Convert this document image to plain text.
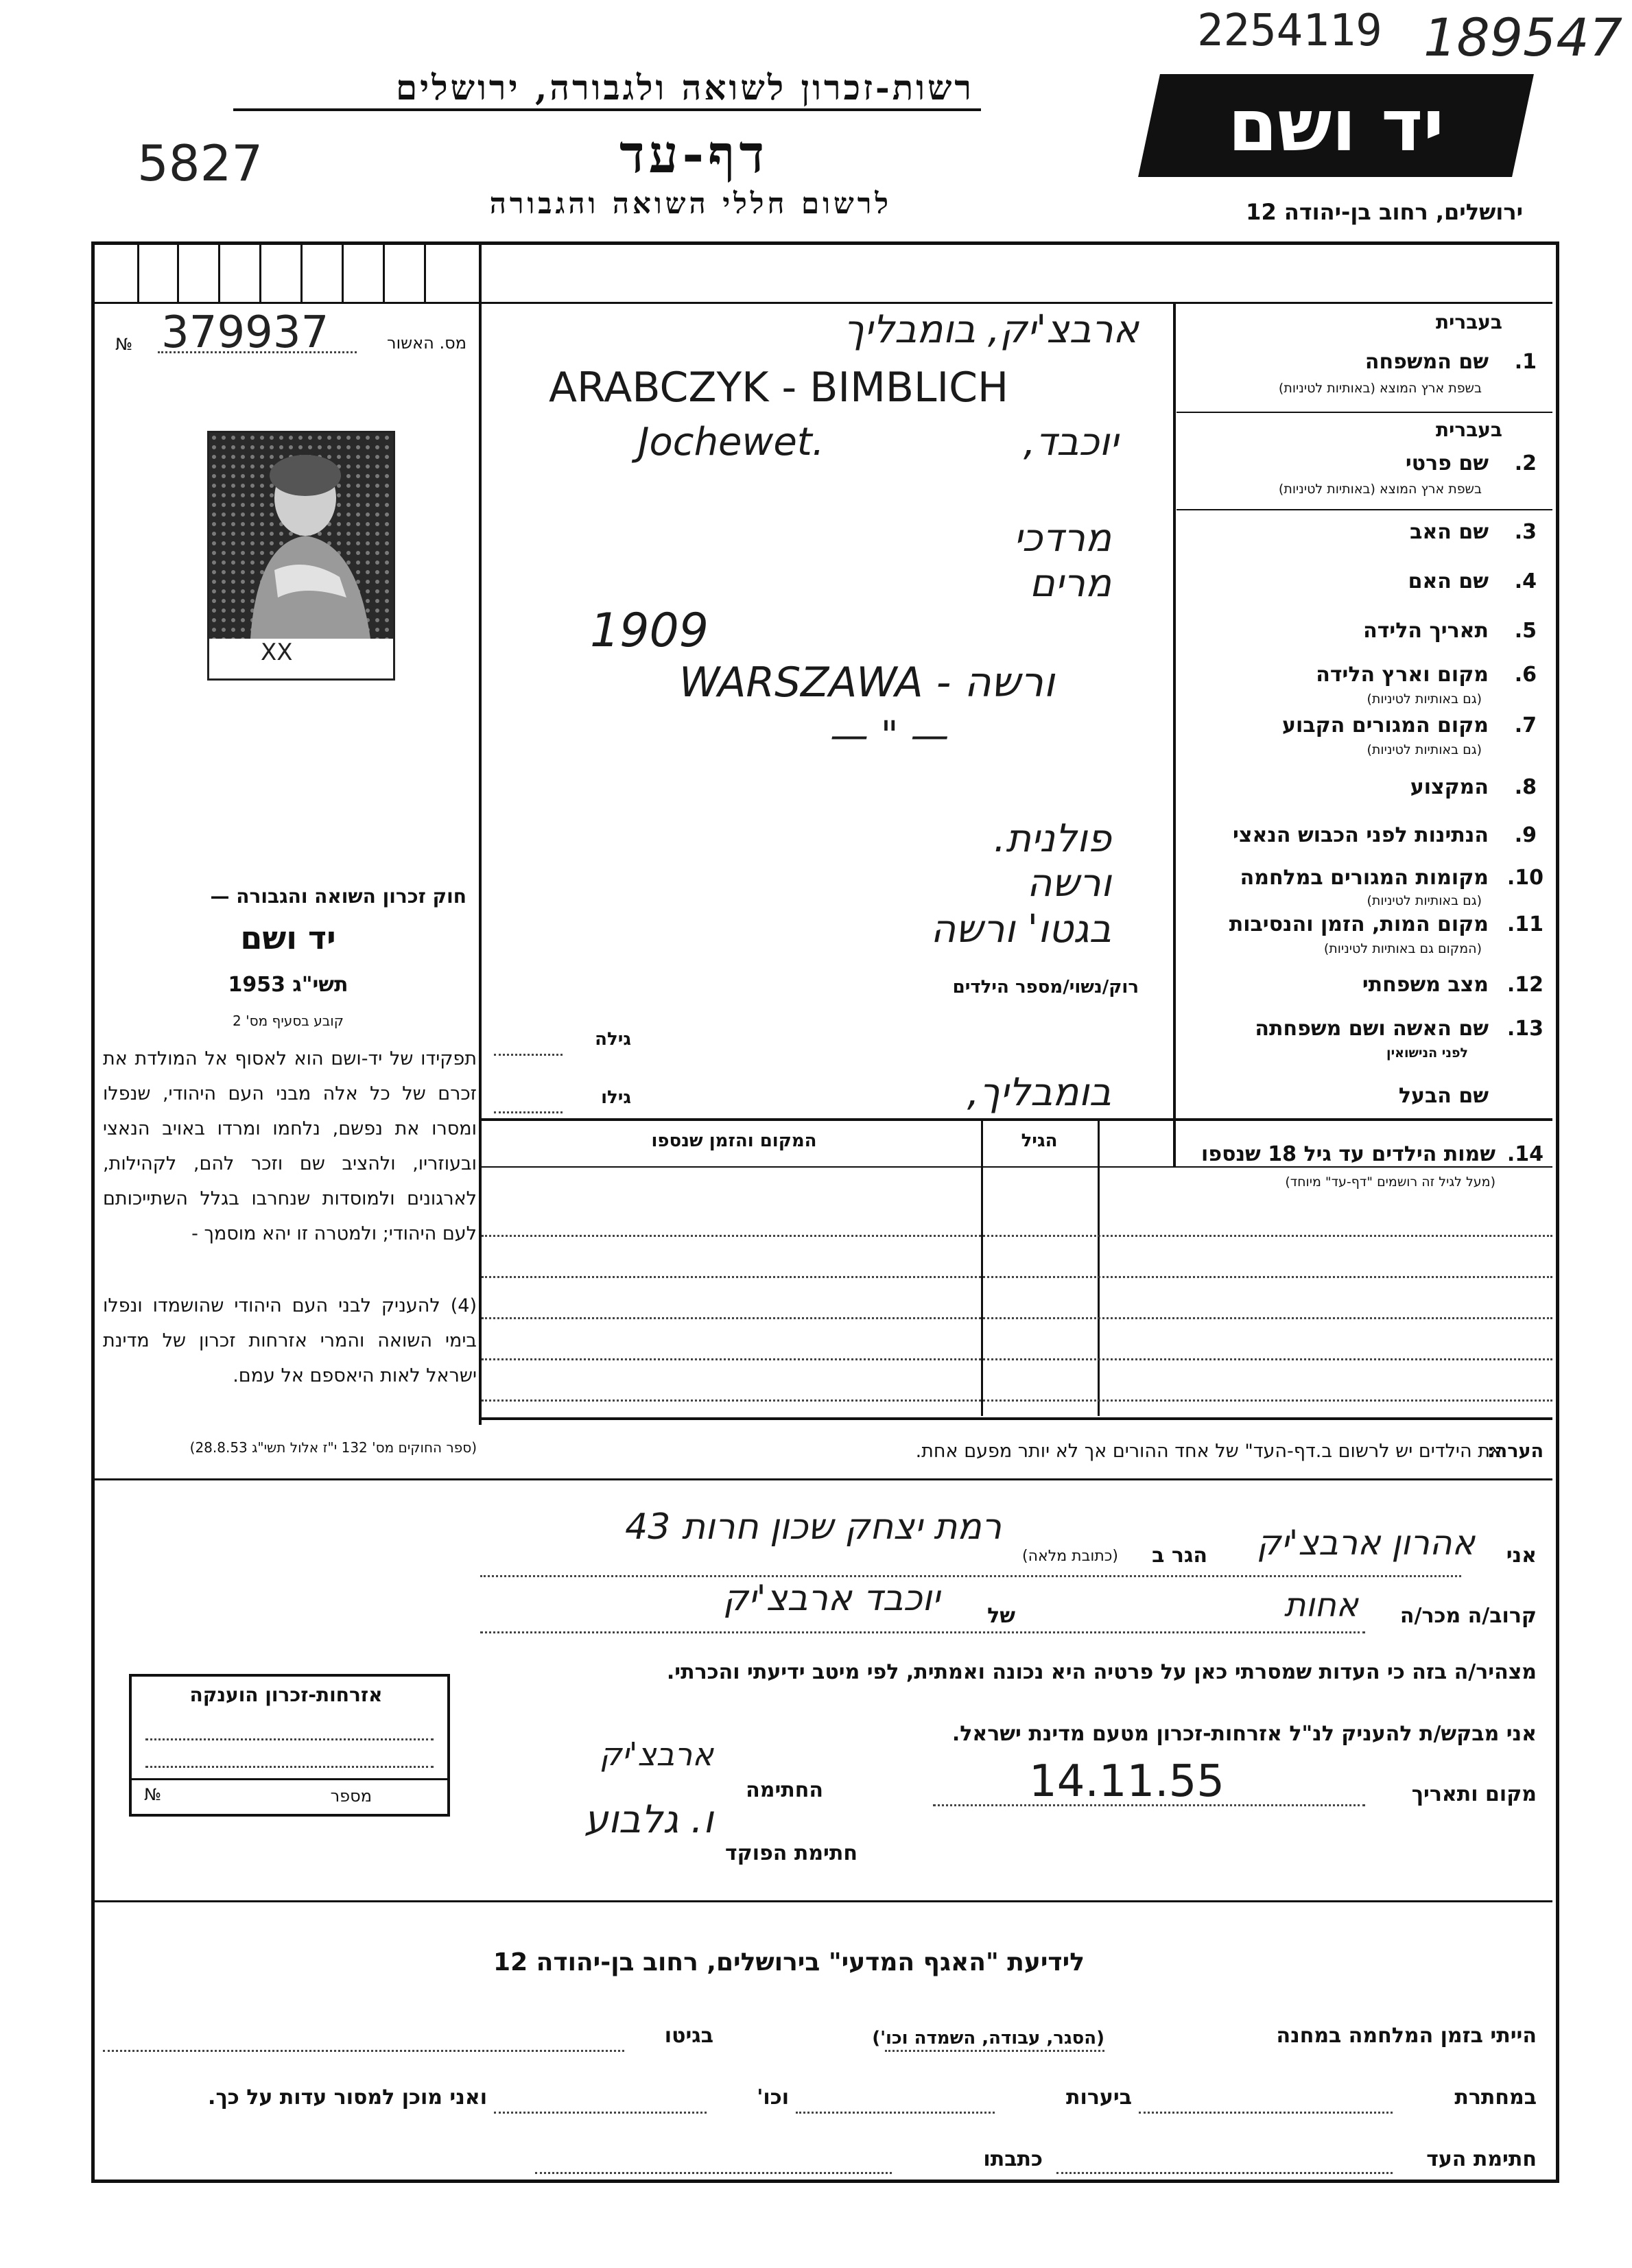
2254119 189547
רשות-זכרון לשואה ולגבורה, ירושלים
5827	דף-עד
לרשום חללי השואה והגבורה
יד ושם
ירושלים, רחוב בן-יהודה 12
מס. האשור
379937
№
XX
בעברית
שם המשפחה	1.
בשפת ארץ המוצא (באותיות לטיניות)
ארבצ'יק, בומבליך
ARABCZYK - BIMBLICH
בעברית
שם פרטי	2.
בשפת ארץ המוצא (באותיות לטיניות)
יוכבד,
Jochewet.
שם האב	3.
מרדכי
שם האם	4.
מרים
תאריך הלידה	5.
1909
מקום וארץ הלידה	6.
(גם באותיות לטיניות)
WARSZAWA - ורשה
מקום המגורים הקבוע	7.
(גם באותיות לטיניות)
— " —
המקצוע	8.
הנתינות לפני הכבוש הנאצי	9.
פולנית.
מקומות המגורים במלחמה 10.
(גם באותיות לטיניות)
ורשה
מקום המות, הזמן והנסיבות 11.
(המקום גם באותיות לטיניות)
בגטו' ורשה
מצב משפחתי 12.
רוק/נשוי/מספר הילדים
שם האשה ושם משפחתה 13.
לפני הנישואין
גילה
שם הבעל
בומבליך,
גילו
שמות הילדים עד גיל 18 שנספו 14.
(מעל לגיל זה רושמים "דף-עד" מיוחד)
הגיל
המקום והזמן שנספו
את הילדים יש לרשום ב.דף-העד" של אחד ההורים אך לא יותר מפעם אחת.
הערה:
חוק זכרון השואה והגבורה —
יד ושם
תשי"ג 1953
קובע בסעיף מס' 2
תפקידו של יד-ושם הוא לאסוף אל המולדת את זכרם של כל אלה מבני העם היהודי, שנפלו ומסרו את נפשם, נלחמו ומרדו באויב הנאצי ובעוזריו, ולהציב שם וזכר להם, לקהילות, לארגונים ולמוסדות שנחרבו בגלל השתייכותם לעם היהודי; ולמטרה זו יהא מוסמך -
(4) להעניק לבני העם היהודי שהושמדו ונפלו בימי השואה והמרי אזרחות זכרון של מדינת ישראל לאות היאספם אל עמם.
(ספר החוקים מס' 132 י"ז אלול תשי"ג 28.8.53)
אני
אהרון ארבצ'יק
הגר ב
(כתובת מלאה)
רמת יצחק שכון חרות 43
קרוב/ה מכר/ה
אחות
של
יוכבד ארבצ'יק
מצהיר/ה בזה כי העדות שמסרתי כאן על פרטיה היא נכונה ואמתית, לפי מיטב ידיעתי והכרתי.
אני מבקש/ת להעניק לנ"ל אזרחות-זכרון מטעם מדינת ישראל.
מקום ותאריך
14.11.55
החתימה
ארבצ'יק
חתימת הפוקד
ו. גלבוע
אזרחות-זכרון הוענקה
מספר
№
לידיעת "האגף המדעי" בירושלים, רחוב בן-יהודה 12
הייתי בזמן המלחמה במחנה
(הסגר, עבודה, השמדה וכו')
בגיטו
במחתרת
ביערות
וכו'
ואני מוכן למסור עדות על כך.
חתימת העד
כתבתו
